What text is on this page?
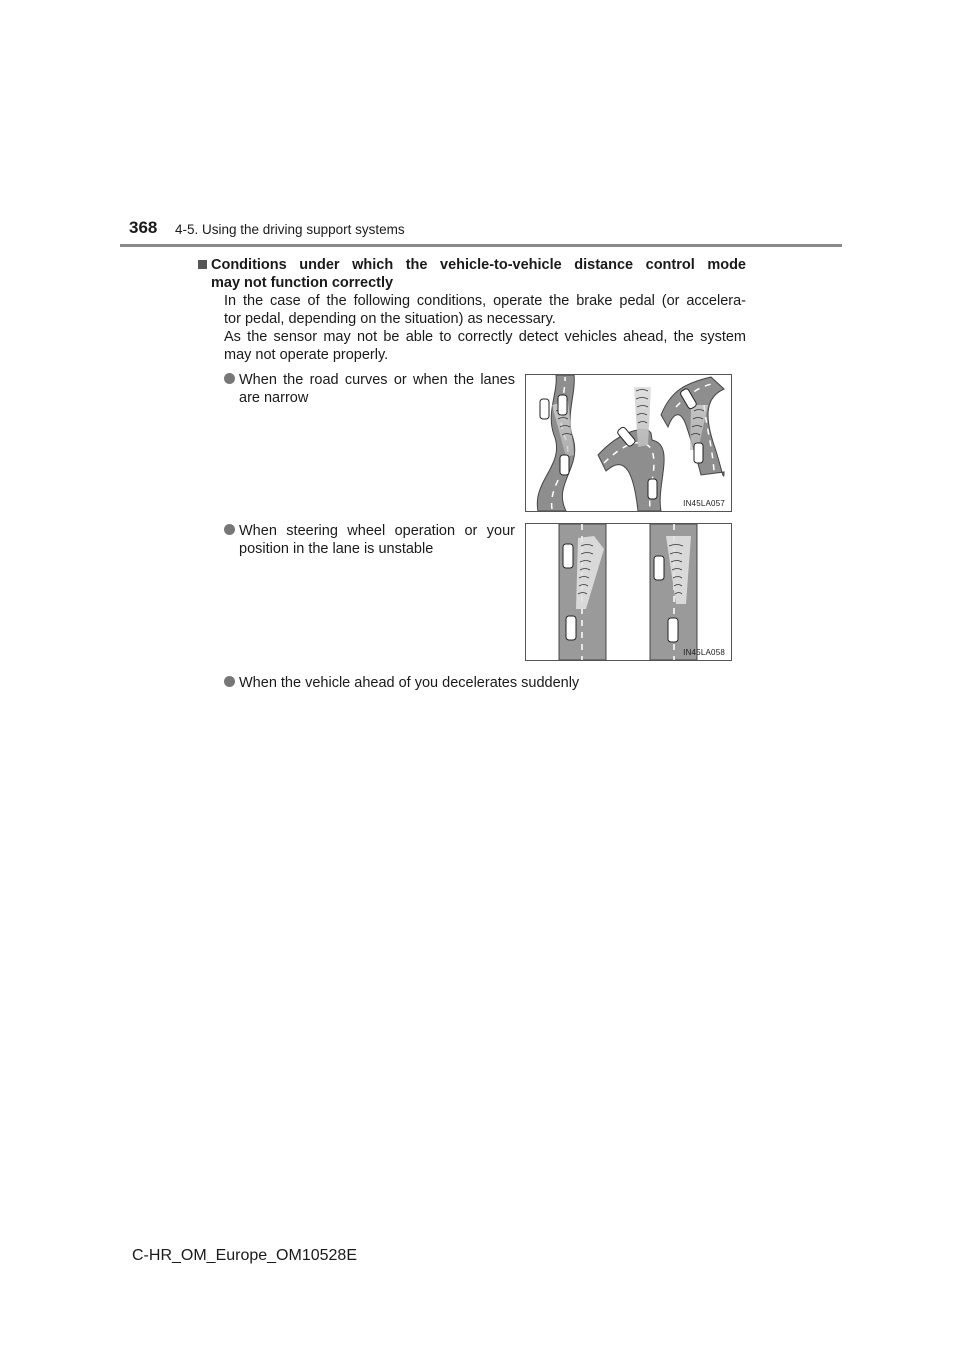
368 4-5. Using the driving support systems
Conditions under which the vehicle-to-vehicle distance control mode
may not function correctly
In the case of the following conditions, operate the brake pedal (or accelera-
tor pedal, depending on the situation) as necessary.
As the sensor may not be able to correctly detect vehicles ahead, the system
may not operate properly.
When the road curves or when the lanes
are narrow
When steering wheel operation or your
position in the lane is unstable
When the vehicle ahead of you decelerates suddenly
IN45LA057
IN45LA058
C-HR_OM_Europe_OM10528E
